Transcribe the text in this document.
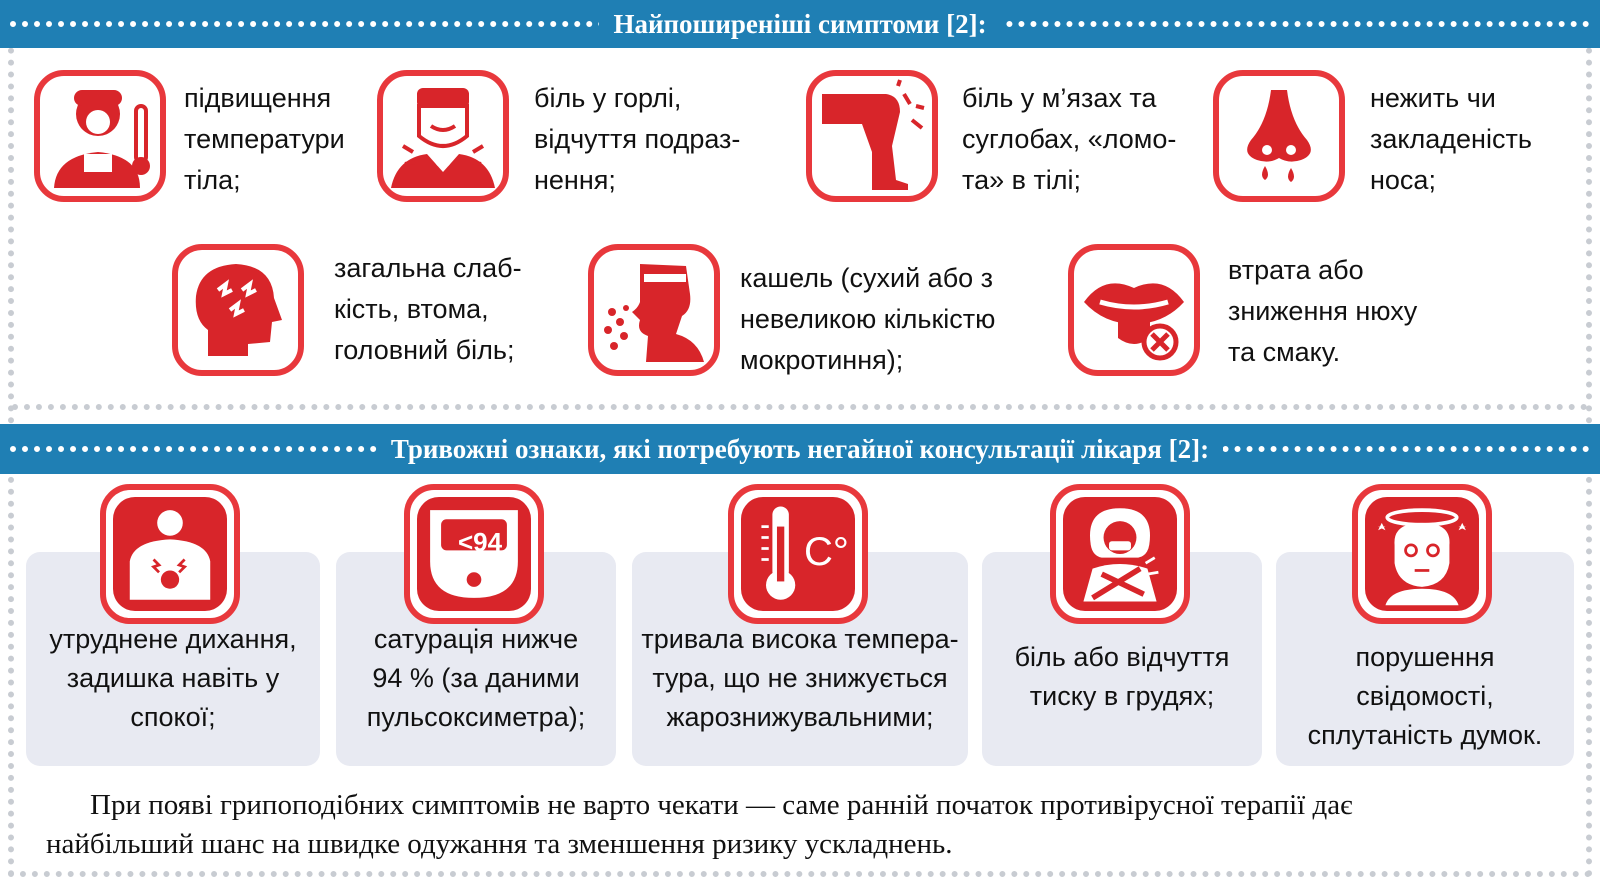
Найпоширеніші симптоми [2]:
підвищення
температури
тіла;
біль у горлі,
відчуття подраз-
нення;
біль у м’язах та
суглобах, «ломо-
та» в тілі;
нежить чи
закладеність
носа;
загальна слаб-
кість, втома,
головний біль;
кашель (сухий або з
невеликою кількістю
мокротиння);
втрата або
зниження нюху
та смаку.
Тривожні ознаки, які потребують негайної консультації лікаря [2]:
<94	C°
утруднене дихання,
задишка навіть у
спокої;
сатурація нижче
94 % (за даними
пульсоксиметра);
тривала висока темпера-
тура, що не знижується
жарознижувальними;
біль або відчуття
тиску в грудях;
порушення
свідомості,
сплутаність думок.
При появі грипоподібних симптомів не варто чекати — саме ранній початок противірусної терапії дає
найбільший шанс на швидке одужання та зменшення ризику ускладнень.
